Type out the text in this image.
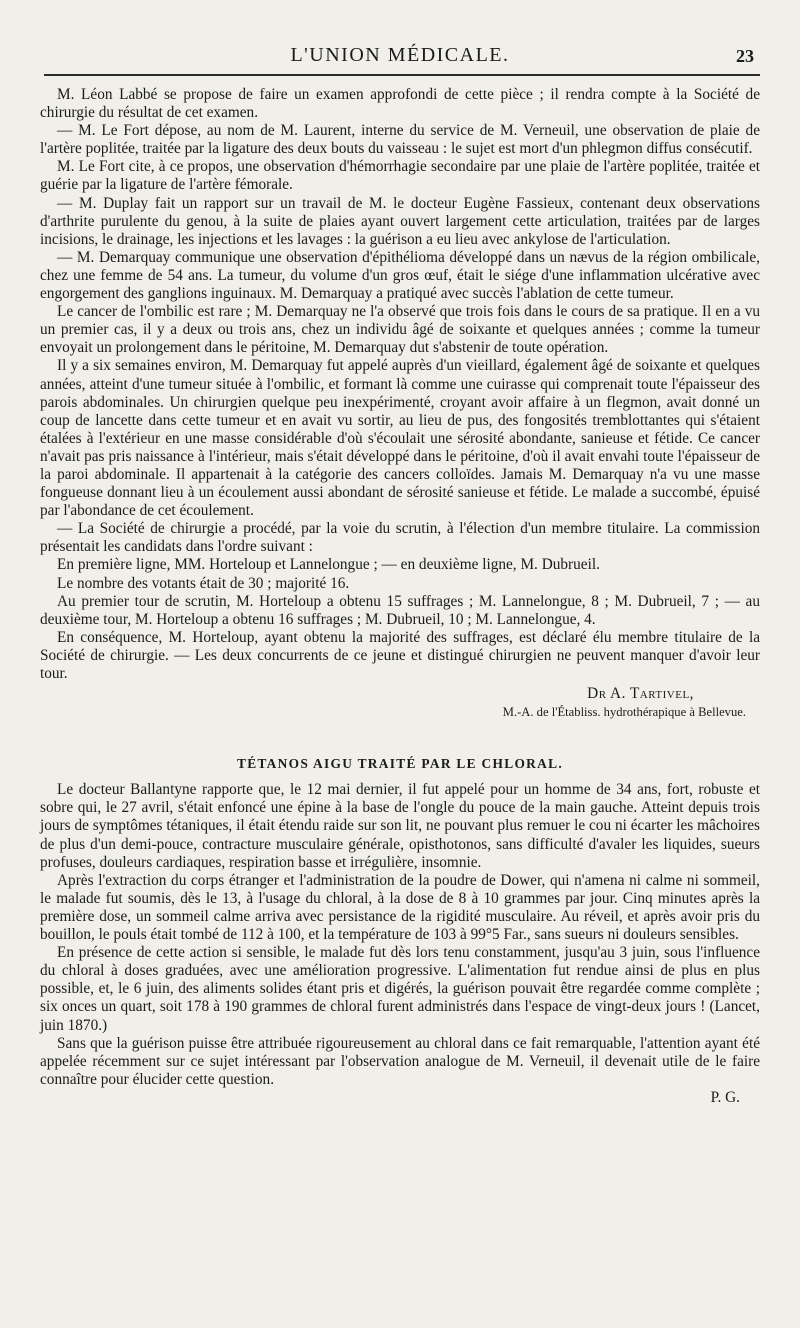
L'UNION MÉDICALE.	23

M. Léon Labbé se propose de faire un examen approfondi de cette pièce ; il rendra compte à la Société de chirurgie du résultat de cet examen.

— M. Le Fort dépose, au nom de M. Laurent, interne du service de M. Verneuil, une observation de plaie de l'artère poplitée, traitée par la ligature des deux bouts du vaisseau : le sujet est mort d'un phlegmon diffus consécutif.

M. Le Fort cite, à ce propos, une observation d'hémorrhagie secondaire par une plaie de l'artère poplitée, traitée et guérie par la ligature de l'artère fémorale.

— M. Duplay fait un rapport sur un travail de M. le docteur Eugène Fassieux, contenant deux observations d'arthrite purulente du genou, à la suite de plaies ayant ouvert largement cette articulation, traitées par de larges incisions, le drainage, les injections et les lavages : la guérison a eu lieu avec ankylose de l'articulation.

— M. Demarquay communique une observation d'épithélioma développé dans un nævus de la région ombilicale, chez une femme de 54 ans. La tumeur, du volume d'un gros œuf, était le siége d'une inflammation ulcérative avec engorgement des ganglions inguinaux. M. Demarquay a pratiqué avec succès l'ablation de cette tumeur.

Le cancer de l'ombilic est rare ; M. Demarquay ne l'a observé que trois fois dans le cours de sa pratique. Il en a vu un premier cas, il y a deux ou trois ans, chez un individu âgé de soixante et quelques années ; comme la tumeur envoyait un prolongement dans le péritoine, M. Demarquay dut s'abstenir de toute opération.

Il y a six semaines environ, M. Demarquay fut appelé auprès d'un vieillard, également âgé de soixante et quelques années, atteint d'une tumeur située à l'ombilic, et formant là comme une cuirasse qui comprenait toute l'épaisseur des parois abdominales. Un chirurgien quelque peu inexpérimenté, croyant avoir affaire à un flegmon, avait donné un coup de lancette dans cette tumeur et en avait vu sortir, au lieu de pus, des fongosités tremblottantes qui s'étaient étalées à l'extérieur en une masse considérable d'où s'écoulait une sérosité abondante, sanieuse et fétide. Ce cancer n'avait pas pris naissance à l'intérieur, mais s'était développé dans le péritoine, d'où il avait envahi toute l'épaisseur de la paroi abdominale. Il appartenait à la catégorie des cancers colloïdes. Jamais M. Demarquay n'a vu une masse fongueuse donnant lieu à un écoulement aussi abondant de sérosité sanieuse et fétide. Le malade a succombé, épuisé par l'abondance de cet écoulement.

— La Société de chirurgie a procédé, par la voie du scrutin, à l'élection d'un membre titulaire. La commission présentait les candidats dans l'ordre suivant :

En première ligne, MM. Horteloup et Lannelongue ; — en deuxième ligne, M. Dubrueil.

Le nombre des votants était de 30 ; majorité 16.

Au premier tour de scrutin, M. Horteloup a obtenu 15 suffrages ; M. Lannelongue, 8 ; M. Dubrueil, 7 ; — au deuxième tour, M. Horteloup a obtenu 16 suffrages ; M. Dubrueil, 10 ; M. Lannelongue, 4.

En conséquence, M. Horteloup, ayant obtenu la majorité des suffrages, est déclaré élu membre titulaire de la Société de chirurgie. — Les deux concurrents de ce jeune et distingué chirurgien ne peuvent manquer d'avoir leur tour.

Dr A. Tartivel,
M.-A. de l'Établiss. hydrothérapique à Bellevue.
TÉTANOS AIGU TRAITÉ PAR LE CHLORAL.

Le docteur Ballantyne rapporte que, le 12 mai dernier, il fut appelé pour un homme de 34 ans, fort, robuste et sobre qui, le 27 avril, s'était enfoncé une épine à la base de l'ongle du pouce de la main gauche. Atteint depuis trois jours de symptômes tétaniques, il était étendu raide sur son lit, ne pouvant plus remuer le cou ni écarter les mâchoires de plus d'un demi-pouce, contracture musculaire générale, opisthotonos, sans difficulté d'avaler les liquides, sueurs profuses, douleurs cardiaques, respiration basse et irrégulière, insomnie.

Après l'extraction du corps étranger et l'administration de la poudre de Dower, qui n'amena ni calme ni sommeil, le malade fut soumis, dès le 13, à l'usage du chloral, à la dose de 8 à 10 grammes par jour. Cinq minutes après la première dose, un sommeil calme arriva avec persistance de la rigidité musculaire. Au réveil, et après avoir pris du bouillon, le pouls était tombé de 112 à 100, et la température de 103 à 99°5 Far., sans sueurs ni douleurs sensibles.

En présence de cette action si sensible, le malade fut dès lors tenu constamment, jusqu'au 3 juin, sous l'influence du chloral à doses graduées, avec une amélioration progressive. L'alimentation fut rendue ainsi de plus en plus possible, et, le 6 juin, des aliments solides étant pris et digérés, la guérison pouvait être regardée comme complète ; six onces un quart, soit 178 à 190 grammes de chloral furent administrés dans l'espace de vingt-deux jours ! (Lancet, juin 1870.)

Sans que la guérison puisse être attribuée rigoureusement au chloral dans ce fait remarquable, l'attention ayant été appelée récemment sur ce sujet intéressant par l'observation analogue de M. Verneuil, il devenait utile de le faire connaître pour élucider cette question.

P. G.
